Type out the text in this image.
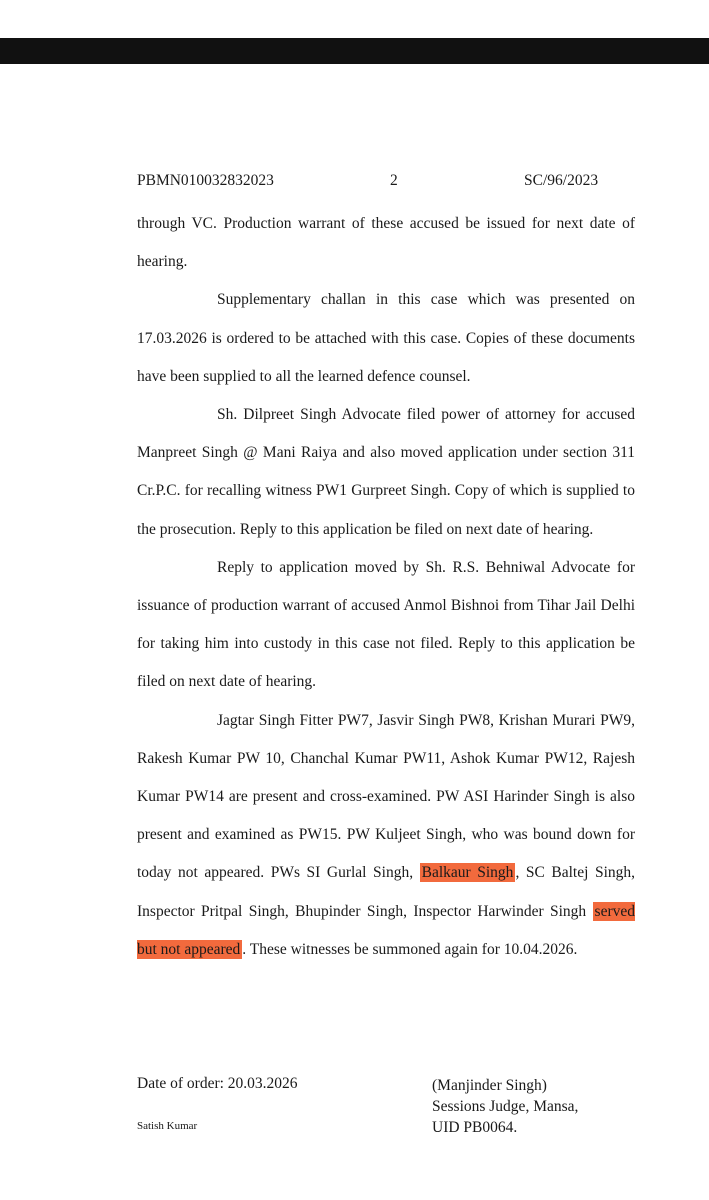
PBMN010032832023	2	SC/96/2023

through VC. Production warrant of these accused be issued for next date of hearing.

Supplementary challan in this case which was presented on 17.03.2026 is ordered to be attached with this case. Copies of these documents have been supplied to all the learned defence counsel.

Sh. Dilpreet Singh Advocate filed power of attorney for accused Manpreet Singh @ Mani Raiya and also moved application under section 311 Cr.P.C. for recalling witness PW1 Gurpreet Singh. Copy of which is supplied to the prosecution. Reply to this application be filed on next date of hearing.

Reply to application moved by Sh. R.S. Behniwal Advocate for issuance of production warrant of accused Anmol Bishnoi from Tihar Jail Delhi for taking him into custody in this case not filed. Reply to this application be filed on next date of hearing.

Jagtar Singh Fitter PW7, Jasvir Singh PW8, Krishan Murari PW9, Rakesh Kumar PW 10, Chanchal Kumar PW11, Ashok Kumar PW12, Rajesh Kumar PW14 are present and cross-examined. PW ASI Harinder Singh is also present and examined as PW15. PW Kuljeet Singh, who was bound down for today not appeared. PWs SI Gurlal Singh, Balkaur Singh , SC Baltej Singh, Inspector Pritpal Singh, Bhupinder Singh, Inspector Harwinder Singh served but not appeared . These witnesses be summoned again for 10.04.2026.

Date of order: 20.03.2026
Satish Kumar
(Manjinder Singh)
Sessions Judge, Mansa,
UID PB0064.
